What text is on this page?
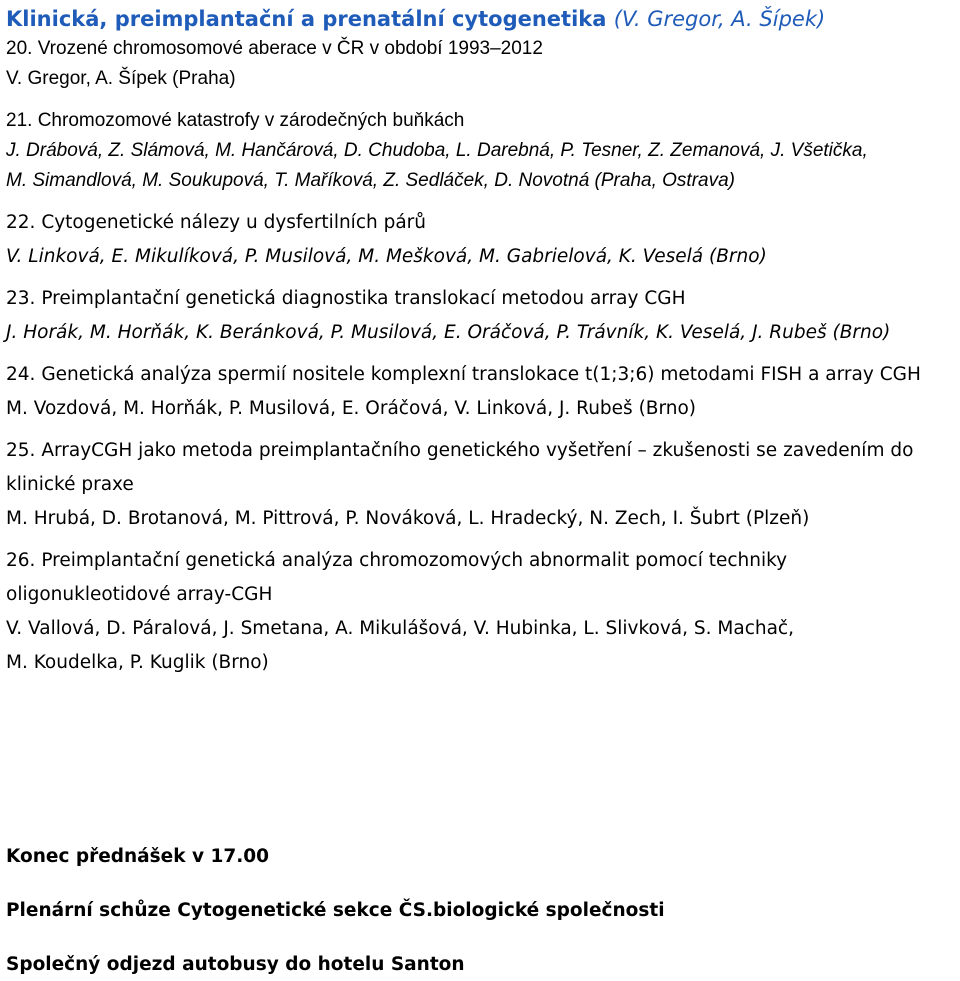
Klinická, preimplantační a prenatální cytogenetika (V. Gregor, A. Šípek)
20. Vrozené chromosomové aberace v ČR v období 1993–2012
V. Gregor, A. Šípek (Praha)
21. Chromozomové katastrofy v zárodečných buňkách
J. Drábová, Z. Slámová, M. Hančárová, D. Chudoba, L. Darebná, P. Tesner, Z. Zemanová, J. Všetička,
M. Simandlová, M. Soukupová, T. Maříková, Z. Sedláček, D. Novotná (Praha, Ostrava)
22. Cytogenetické nálezy u dysfertilních párů
V. Linková, E. Mikulíková, P. Musilová, M. Mešková, M. Gabrielová, K. Veselá (Brno)
23. Preimplantační genetická diagnostika translokací metodou array CGH
J. Horák, M. Horňák, K. Beránková, P. Musilová, E. Oráčová, P. Trávník, K. Veselá, J. Rubeš (Brno)
24. Genetická analýza spermií nositele komplexní translokace t(1;3;6) metodami FISH a array CGH
M. Vozdová, M. Horňák, P. Musilová, E. Oráčová, V. Linková, J. Rubeš (Brno)
25. ArrayCGH jako metoda preimplantačního genetického vyšetření – zkušenosti se zavedením do
klinické praxe
M. Hrubá, D. Brotanová, M. Pittrová, P. Nováková, L. Hradecký, N. Zech, I. Šubrt (Plzeň)
26. Preimplantační genetická analýza chromozomových abnormalit pomocí techniky
oligonukleotidové array-CGH
V. Vallová, D. Páralová, J. Smetana, A. Mikulášová, V. Hubinka, L. Slivková, S. Machač,
M. Koudelka, P. Kuglik (Brno)
Konec přednášek v 17.00
Plenární schůze Cytogenetické sekce ČS.biologické společnosti
Společný odjezd autobusy do hotelu Santon
